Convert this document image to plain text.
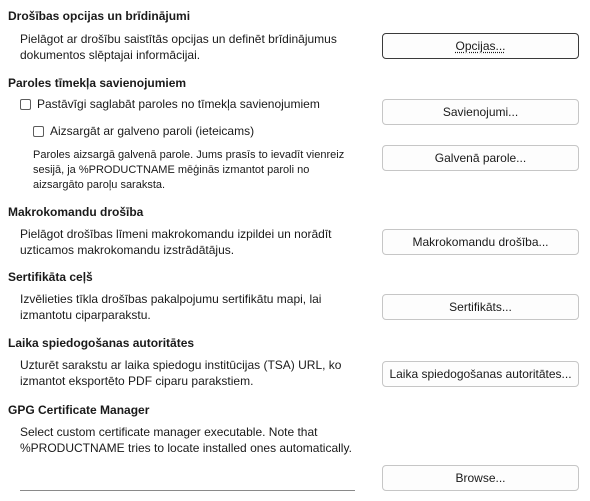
Drošības opcijas un brīdinājumi
Pielāgot ar drošību saistītās opcijas un definēt brīdinājumus
dokumentos slēptajai informācijai.
Opcijas...
Paroles tīmekļa savienojumiem
Pastāvīgi saglabāt paroles no tīmekļa savienojumiem
Savienojumi...
Aizsargāt ar galveno paroli (ieteicams)
Paroles aizsargā galvenā parole. Jums prasīs to ievadīt vienreiz
sesijā, ja %PRODUCTNAME mēģinās izmantot paroli no
aizsargāto paroļu saraksta.
Galvenā parole...
Makrokomandu drošība
Pielāgot drošības līmeni makrokomandu izpildei un norādīt
uzticamos makrokomandu izstrādātājus.
Makrokomandu drošība...
Sertifikāta ceļš
Izvēlieties tīkla drošības pakalpojumu sertifikātu mapi, lai
izmantotu ciparparakstu.
Sertifikāts...
Laika spiedogošanas autoritātes
Uzturēt sarakstu ar laika spiedogu institūcijas (TSA) URL, ko
izmantot eksportēto PDF ciparu parakstiem.	Laika spiedogošanas autoritātes...
GPG Certificate Manager
Select custom certificate manager executable. Note that
%PRODUCTNAME tries to locate installed ones automatically.
Browse...
